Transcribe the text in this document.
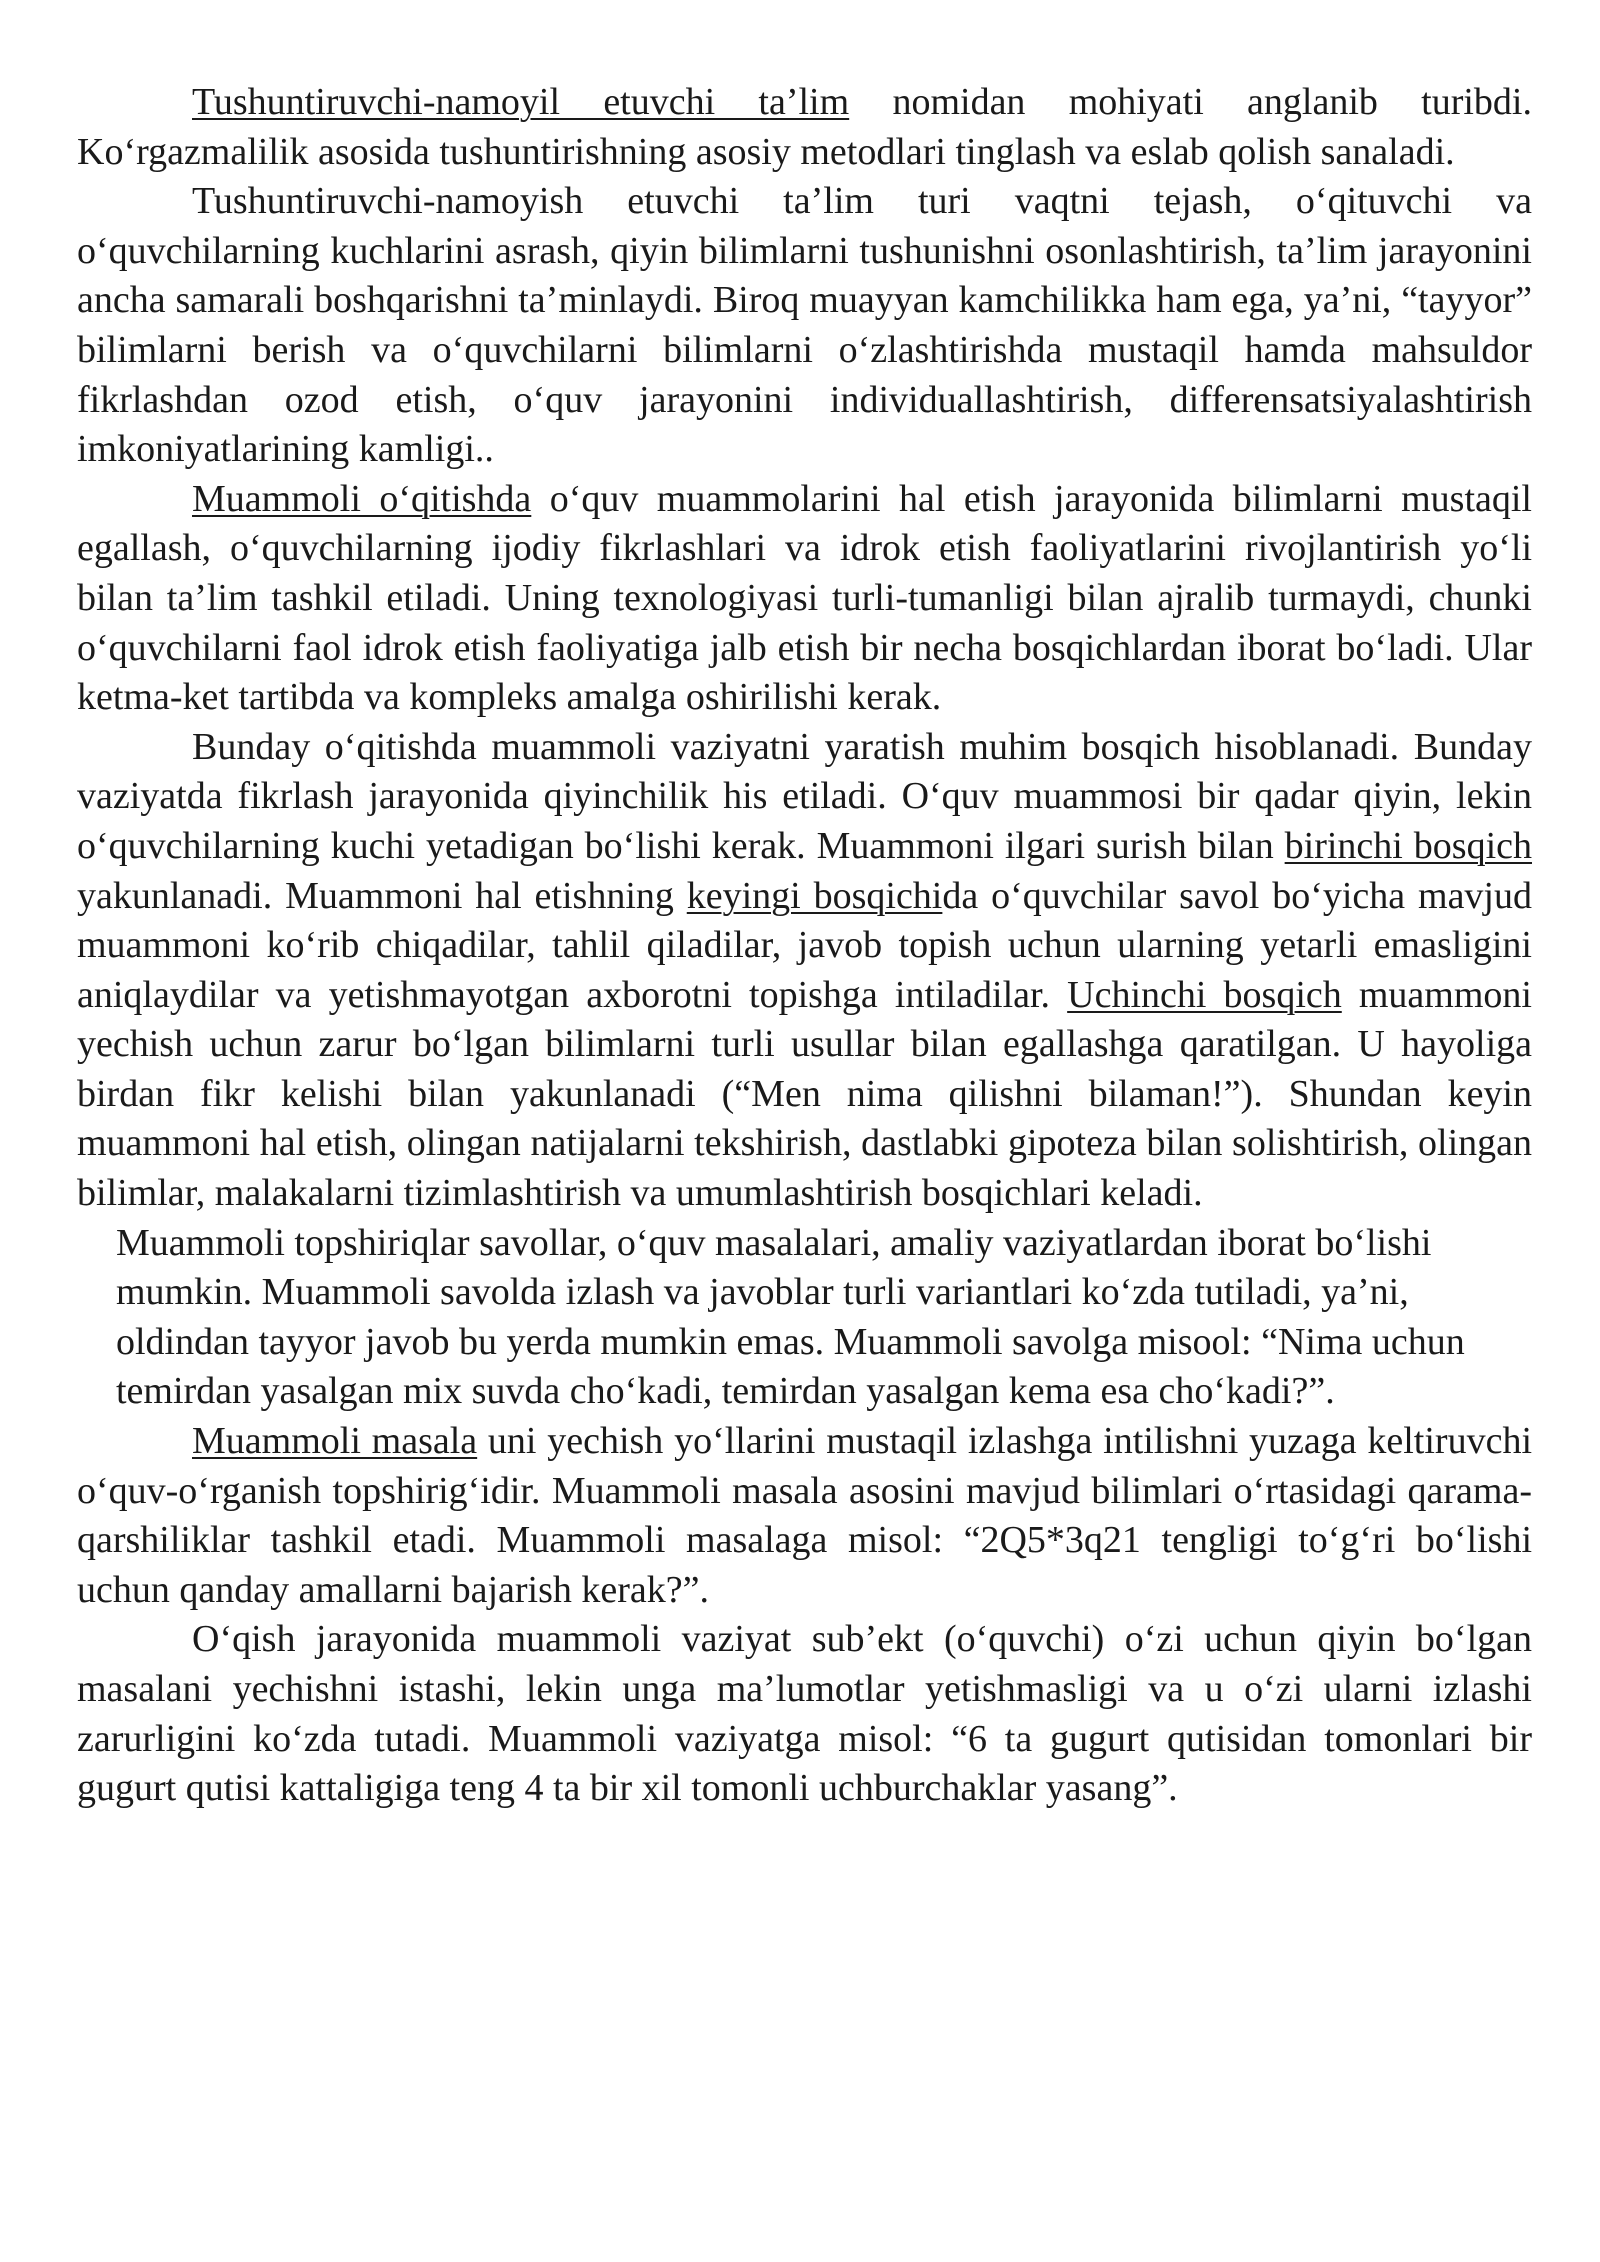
Tushuntiruvchi-namoyil etuvchi ta’lim nomidan mohiyati anglanib turibdi. Ko‘rgazmalilik asosida tushuntirishning asosiy metodlari tinglash va eslab qolish sanaladi.

Tushuntiruvchi-namoyish etuvchi ta’lim turi vaqtni tejash, o‘qituvchi va o‘quvchilarning kuchlarini asrash, qiyin bilimlarni tushunishni osonlashtirish, ta’lim jarayonini ancha samarali boshqarishni ta’minlaydi. Biroq muayyan kamchilikka ham ega, ya’ni, “tayyor” bilimlarni berish va o‘quvchilarni bilimlarni o‘zlashtirishda mustaqil hamda mahsuldor fikrlashdan ozod etish, o‘quv jarayonini individuallashtirish, differensatsiyalashtirish imkoniyatlarining kamligi..

Muammoli o‘qitishda o‘quv muammolarini hal etish jarayonida bilimlarni mustaqil egallash, o‘quvchilarning ijodiy fikrlashlari va idrok etish faoliyatlarini rivojlantirish yo‘li bilan ta’lim tashkil etiladi. Uning texnologiyasi turli-tumanligi bilan ajralib turmaydi, chunki o‘quvchilarni faol idrok etish faoliyatiga jalb etish bir necha bosqichlardan iborat bo‘ladi. Ular ketma-ket tartibda va kompleks amalga oshirilishi kerak.

Bunday o‘qitishda muammoli vaziyatni yaratish muhim bosqich hisoblanadi. Bunday vaziyatda fikrlash jarayonida qiyinchilik his etiladi. O‘quv muammosi bir qadar qiyin, lekin o‘quvchilarning kuchi yetadigan bo‘lishi kerak. Muammoni ilgari surish bilan birinchi bosqich yakunlanadi. Muammoni hal etishning keyingi bosqichida o‘quvchilar savol bo‘yicha mavjud muammoni ko‘rib chiqadilar, tahlil qiladilar, javob topish uchun ularning yetarli emasligini aniqlaydilar va yetishmayotgan axborotni topishga intiladilar. Uchinchi bosqich muammoni yechish uchun zarur bo‘lgan bilimlarni turli usullar bilan egallashga qaratilgan. U hayoliga birdan fikr kelishi bilan yakunlanadi (“Men nima qilishni bilaman!”). Shundan keyin muammoni hal etish, olingan natijalarni tekshirish, dastlabki gipoteza bilan solishtirish, olingan bilimlar, malakalarni tizimlashtirish va umumlashtirish bosqichlari keladi.

Muammoli topshiriqlar savollar, o‘quv masalalari, amaliy vaziyatlardan iborat bo‘lishi mumkin. Muammoli savolda izlash va javoblar turli variantlari ko‘zda tutiladi, ya’ni, oldindan tayyor javob bu yerda mumkin emas. Muammoli savolga misool: “Nima uchun temirdan yasalgan mix suvda cho‘kadi, temirdan yasalgan kema esa cho‘kadi?”.

Muammoli masala uni yechish yo‘llarini mustaqil izlashga intilishni yuzaga keltiruvchi o‘quv-o‘rganish topshirig‘idir. Muammoli masala asosini mavjud bilimlari o‘rtasidagi qarama-qarshiliklar tashkil etadi. Muammoli masalaga misol: “2Q5*3q21 tengligi to‘g‘ri bo‘lishi uchun qanday amallarni bajarish kerak?”.

O‘qish jarayonida muammoli vaziyat sub’ekt (o‘quvchi) o‘zi uchun qiyin bo‘lgan masalani yechishni istashi, lekin unga ma’lumotlar yetishmasligi va u o‘zi ularni izlashi zarurligini ko‘zda tutadi. Muammoli vaziyatga misol: “6 ta gugurt qutisidan tomonlari bir gugurt qutisi kattaligiga teng 4 ta bir xil tomonli uchburchaklar yasang”.
